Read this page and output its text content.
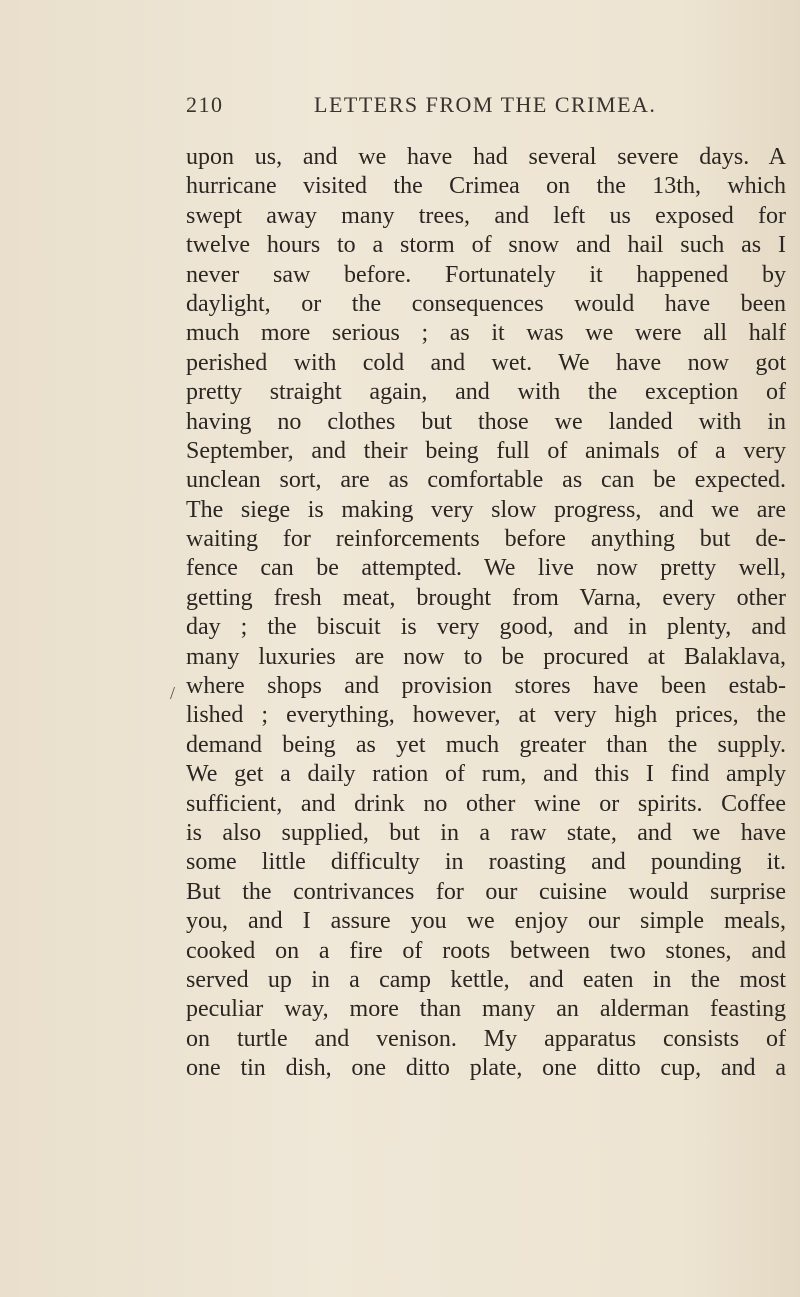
210	LETTERS FROM THE CRIMEA.
/
upon us, and we have had several severe days. A
hurricane visited the Crimea on the 13th, which
swept away many trees, and left us exposed for
twelve hours to a storm of snow and hail such as I
never saw before. Fortunately it happened by
daylight, or the consequences would have been
much more serious ; as it was we were all half
perished with cold and wet. We have now got
pretty straight again, and with the exception of
having no clothes but those we landed with in
September, and their being full of animals of a very
unclean sort, are as comfortable as can be expected.
The siege is making very slow progress, and we are
waiting for reinforcements before anything but de-
fence can be attempted. We live now pretty well,
getting fresh meat, brought from Varna, every other
day ; the biscuit is very good, and in plenty, and
many luxuries are now to be procured at Balaklava,
where shops and provision stores have been estab-
lished ; everything, however, at very high prices, the
demand being as yet much greater than the supply.
We get a daily ration of rum, and this I find amply
sufficient, and drink no other wine or spirits. Coffee
is also supplied, but in a raw state, and we have
some little difficulty in roasting and pounding it.
But the contrivances for our cuisine would surprise
you, and I assure you we enjoy our simple meals,
cooked on a fire of roots between two stones, and
served up in a camp kettle, and eaten in the most
peculiar way, more than many an alderman feasting
on turtle and venison. My apparatus consists of
one tin dish, one ditto plate, one ditto cup, and a
